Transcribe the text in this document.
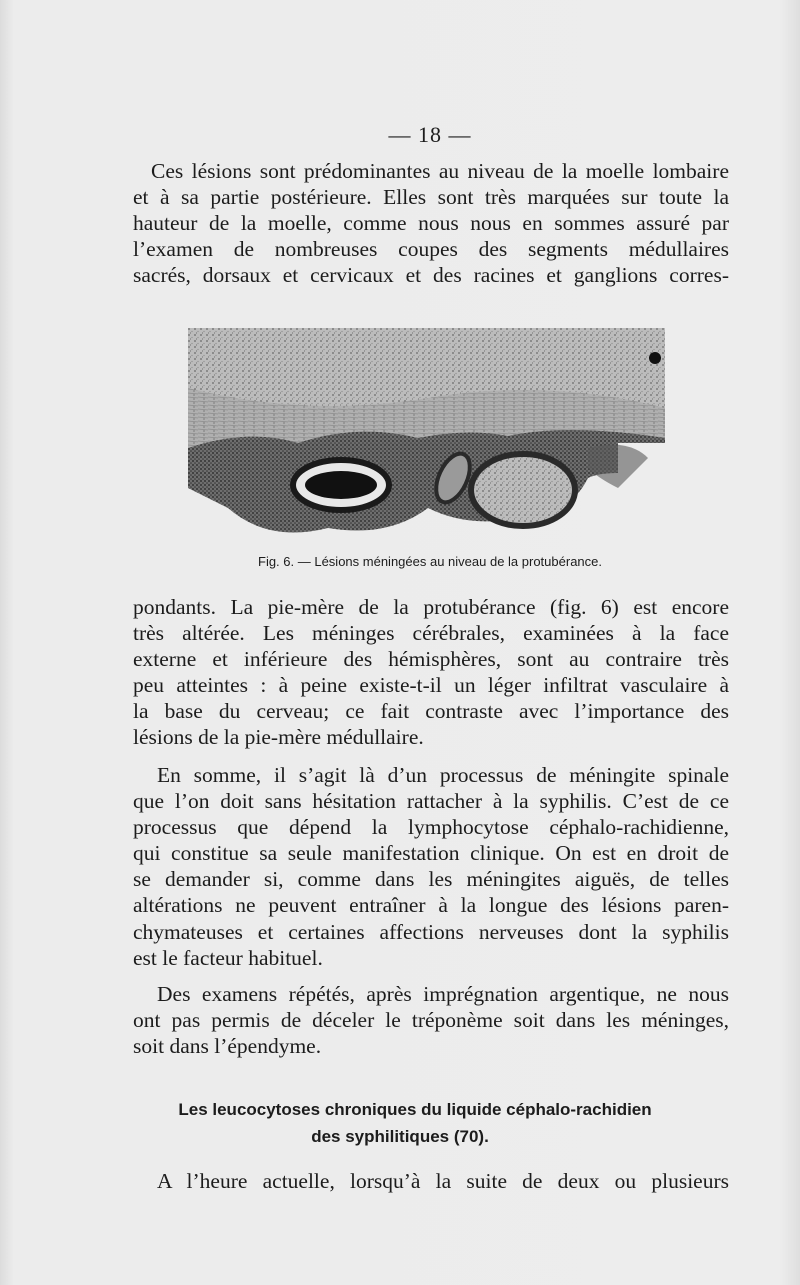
— 18 —
Ces lésions sont prédominantes au niveau de la moelle lombaire
et à sa partie postérieure. Elles sont très marquées sur toute la
hauteur de la moelle, comme nous nous en sommes assuré par
l’examen de nombreuses coupes des segments médullaires
sacrés, dorsaux et cervicaux et des racines et ganglions corres-
Fig. 6. — Lésions méningées au niveau de la protubérance.
pondants. La pie-mère de la protubérance (fig. 6) est encore
très altérée. Les méninges cérébrales, examinées à la face
externe et inférieure des hémisphères, sont au contraire très
peu atteintes : à peine existe-t-il un léger infiltrat vasculaire à
la base du cerveau; ce fait contraste avec l’importance des
lésions de la pie-mère médullaire.
En somme, il s’agit là d’un processus de méningite spinale
que l’on doit sans hésitation rattacher à la syphilis. C’est de ce
processus que dépend la lymphocytose céphalo-rachidienne,
qui constitue sa seule manifestation clinique. On est en droit de
se demander si, comme dans les méningites aiguës, de telles
altérations ne peuvent entraîner à la longue des lésions paren-
chymateuses et certaines affections nerveuses dont la syphilis
est le facteur habituel.
Des examens répétés, après imprégnation argentique, ne nous
ont pas permis de déceler le tréponème soit dans les méninges,
soit dans l’épendyme.
Les leucocytoses chroniques du liquide céphalo-rachidien
des syphilitiques (70).
A l’heure actuelle, lorsqu’à la suite de deux ou plusieurs
